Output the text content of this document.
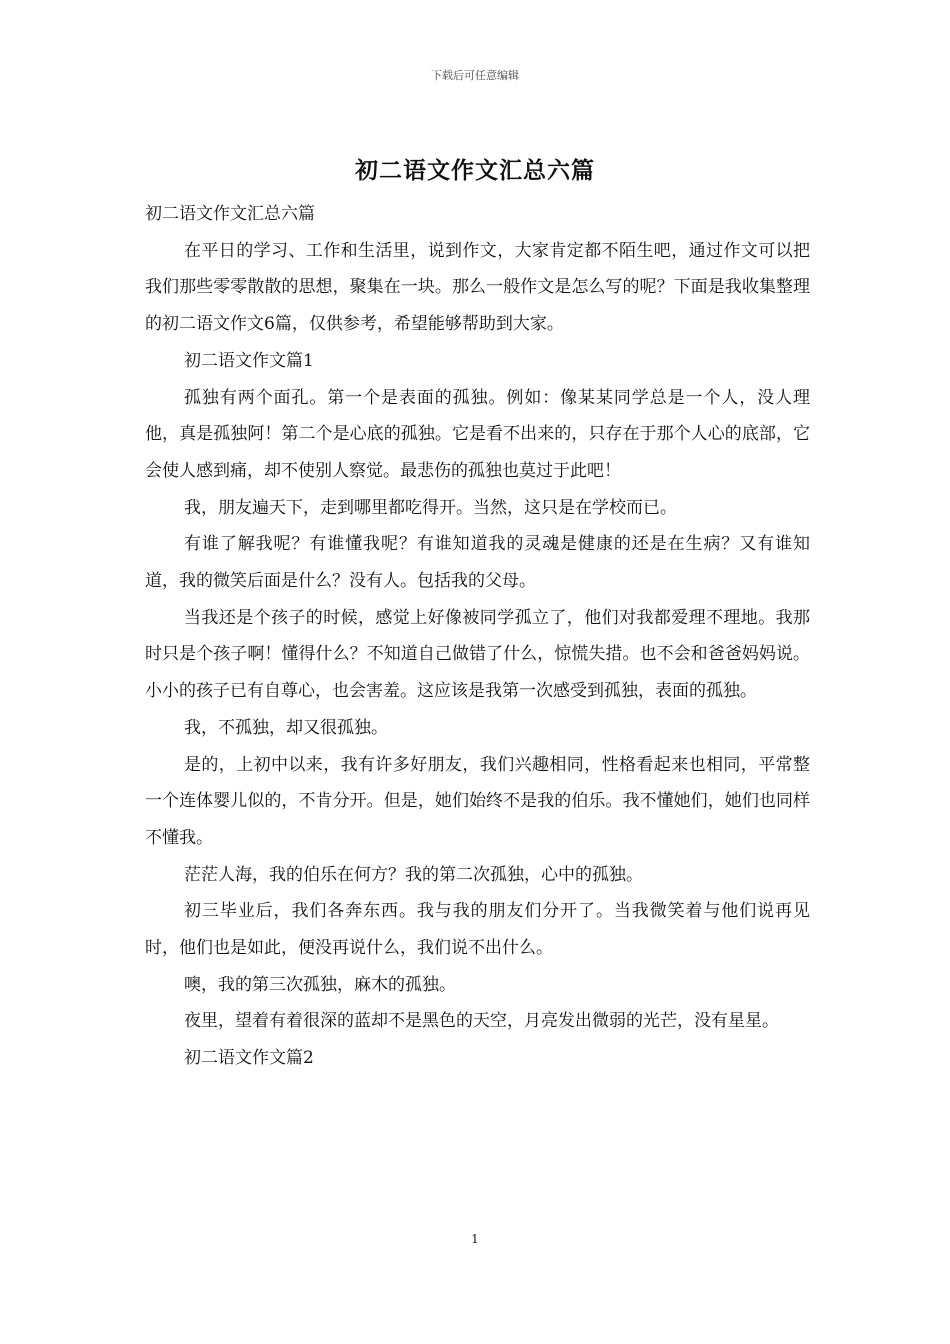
下载后可任意编辑
初二语文作文汇总六篇

初二语文作文汇总六篇

在平日的学习、工作和生活里，说到作文，大家肯定都不陌生吧，通过作文可以把我们那些零零散散的思想，聚集在一块。那么一般作文是怎么写的呢？下面是我收集整理的初二语文作文6篇，仅供参考，希望能够帮助到大家。

初二语文作文篇1

孤独有两个面孔。第一个是表面的孤独。例如：像某某同学总是一个人，没人理他，真是孤独阿！第二个是心底的孤独。它是看不出来的，只存在于那个人心的底部，它会使人感到痛，却不使别人察觉。最悲伤的孤独也莫过于此吧！

我，朋友遍天下，走到哪里都吃得开。当然，这只是在学校而已。

有谁了解我呢？有谁懂我呢？有谁知道我的灵魂是健康的还是在生病？又有谁知道，我的微笑后面是什么？没有人。包括我的父母。

当我还是个孩子的时候，感觉上好像被同学孤立了，他们对我都爱理不理地。我那时只是个孩子啊！懂得什么？不知道自己做错了什么，惊慌失措。也不会和爸爸妈妈说。小小的孩子已有自尊心，也会害羞。这应该是我第一次感受到孤独，表面的孤独。

我，不孤独，却又很孤独。

是的，上初中以来，我有许多好朋友，我们兴趣相同，性格看起来也相同，平常整一个连体婴儿似的，不肯分开。但是，她们始终不是我的伯乐。我不懂她们，她们也同样不懂我。

茫茫人海，我的伯乐在何方？我的第二次孤独，心中的孤独。

初三毕业后，我们各奔东西。我与我的朋友们分开了。当我微笑着与他们说再见时，他们也是如此，便没再说什么，我们说不出什么。

噢，我的第三次孤独，麻木的孤独。

夜里，望着有着很深的蓝却不是黑色的天空，月亮发出微弱的光芒，没有星星。

初二语文作文篇2

1
